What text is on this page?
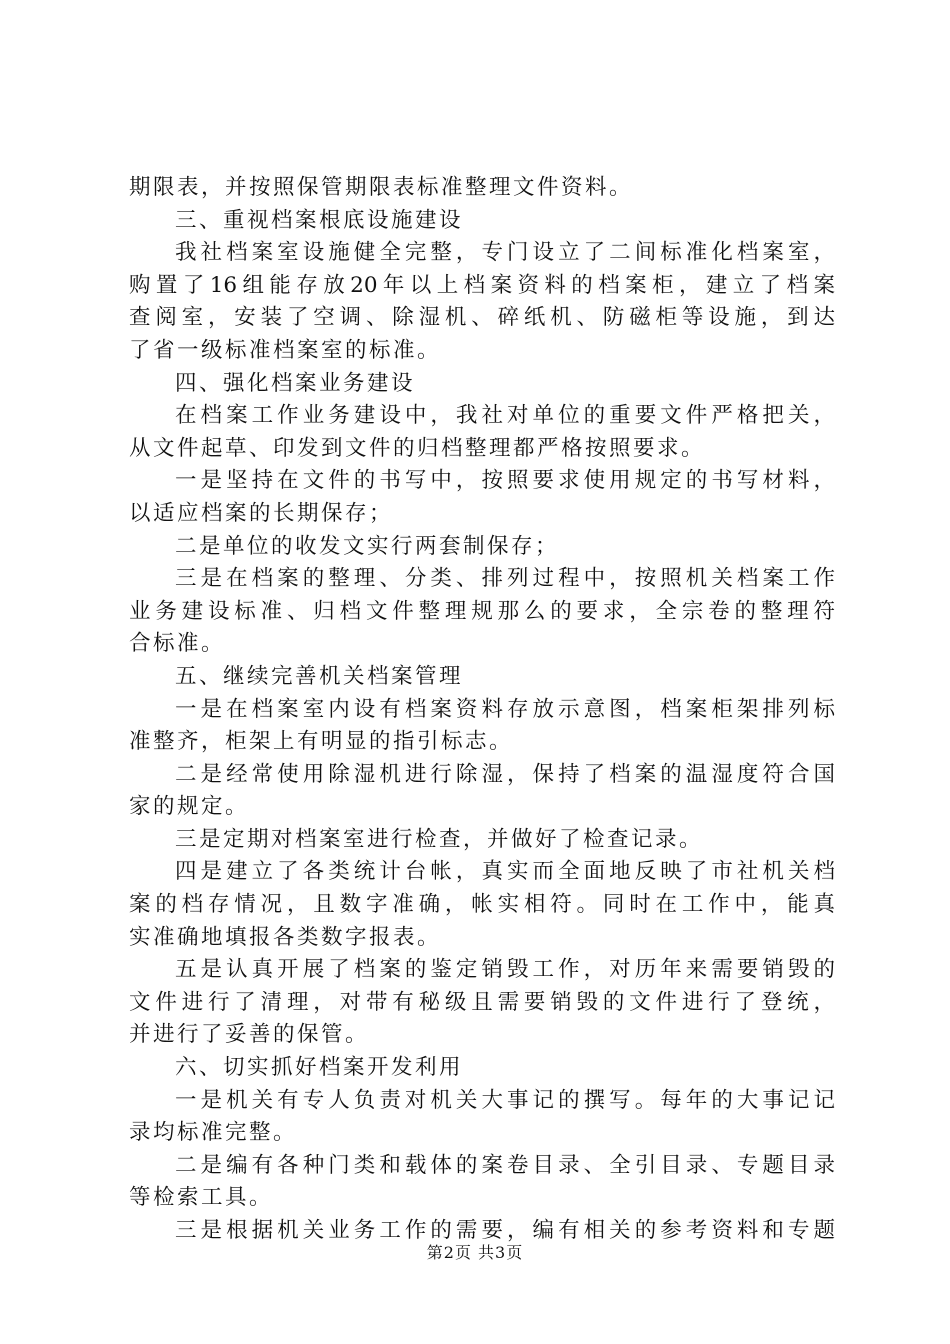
期限表，并按照保管期限表标准整理文件资料。
三、重视档案根底设施建设
我社档案室设施健全完整，专门设立了二间标准化档案室，
购置了16组能存放20年以上档案资料的档案柜，建立了档案
查阅室，安装了空调、除湿机、碎纸机、防磁柜等设施，到达
了省一级标准档案室的标准。
四、强化档案业务建设
在档案工作业务建设中，我社对单位的重要文件严格把关，
从文件起草、印发到文件的归档整理都严格按照要求。
一是坚持在文件的书写中，按照要求使用规定的书写材料，
以适应档案的长期保存；
二是单位的收发文实行两套制保存；
三是在档案的整理、分类、排列过程中，按照机关档案工作
业务建设标准、归档文件整理规那么的要求，全宗卷的整理符
合标准。
五、继续完善机关档案管理
一是在档案室内设有档案资料存放示意图，档案柜架排列标
准整齐，柜架上有明显的指引标志。
二是经常使用除湿机进行除湿，保持了档案的温湿度符合国
家的规定。
三是定期对档案室进行检查，并做好了检查记录。
四是建立了各类统计台帐，真实而全面地反映了市社机关档
案的档存情况，且数字准确，帐实相符。同时在工作中，能真
实准确地填报各类数字报表。
五是认真开展了档案的鉴定销毁工作，对历年来需要销毁的
文件进行了清理，对带有秘级且需要销毁的文件进行了登统，
并进行了妥善的保管。
六、切实抓好档案开发利用
一是机关有专人负责对机关大事记的撰写。每年的大事记记
录均标准完整。
二是编有各种门类和载体的案卷目录、全引目录、专题目录
等检索工具。
三是根据机关业务工作的需要，编有相关的参考资料和专题
第2页 共3页
